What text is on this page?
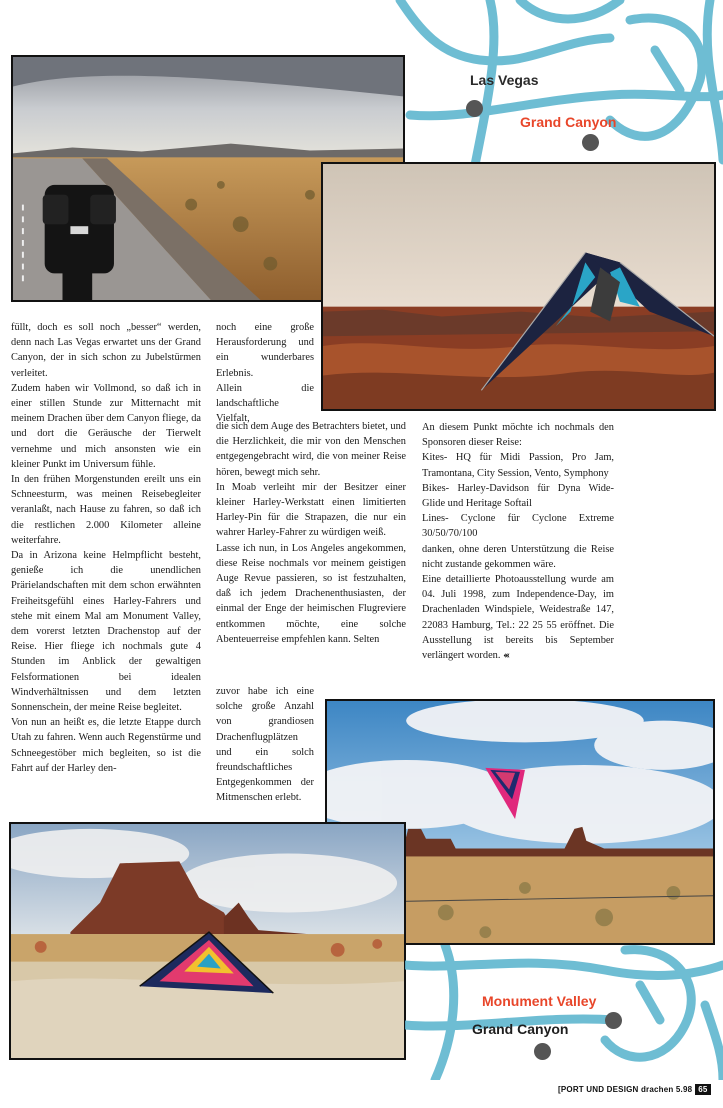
Las Vegas
Grand Canyon

füllt, doch es soll noch „besser“ werden, denn nach Las Vegas erwartet uns der Grand Canyon, der in sich schon zu Jubelstürmen verleitet.

Zudem haben wir Vollmond, so daß ich in einer stillen Stunde zur Mitternacht mit meinem Drachen über dem Canyon fliege, da und dort die Geräusche der Tierwelt vernehme und mich ansonsten wie ein kleiner Punkt im Universum fühle.

In den frühen Morgenstunden ereilt uns ein Schneesturm, was meinen Reisebegleiter veranlaßt, nach Hause zu fahren, so daß ich die restlichen 2.000 Kilometer alleine weiterfahre.

Da in Arizona keine Helmpflicht besteht, genieße ich die unendlichen Prärielandschaften mit dem schon erwähnten Freiheitsgefühl eines Harley-Fahrers und stehe mit einem Mal am Monument Valley, dem vorerst letzten Drachenstop auf der Reise. Hier fliege ich nochmals gute 4 Stunden im Anblick der gewaltigen Felsformationen bei idealen Windverhältnissen und dem letzten Sonnenschein, der meine Reise begleitet.

Von nun an heißt es, die letzte Etappe durch Utah zu fahren. Wenn auch Regenstürme und Schneegestöber mich begleiten, so ist die Fahrt auf der Harley den-

noch eine große Herausforderung und ein wunderbares Erlebnis.

Allein die landschaftliche Vielfalt,

die sich dem Auge des Betrachters bietet, und die Herzlichkeit, die mir von den Menschen entgegengebracht wird, die von meiner Reise hören, bewegt mich sehr.

In Moab verleiht mir der Besitzer einer kleiner Harley-Werkstatt einen limitierten Harley-Pin für die Strapazen, die nur ein wahrer Harley-Fahrer zu würdigen weiß.

Lasse ich nun, in Los Angeles angekommen, diese Reise nochmals vor meinem geistigen Auge Revue passieren, so ist festzuhalten, daß ich jedem Drachenenthusiasten, der einmal der Enge der heimischen Flugreviere entkommen möchte, eine solche Abenteuerreise empfehlen kann. Selten

zuvor habe ich eine solche große Anzahl von grandiosen Drachenflugplätzen und ein solch freundschaftliches Entgegenkommen der Mitmenschen erlebt.

An diesem Punkt möchte ich nochmals den Sponsoren dieser Reise:

Kites- HQ für Midi Passion, Pro Jam, Tramontana, City Session, Vento, Symphony

Bikes- Harley-Davidson für Dyna Wide-Glide und Heritage Softail

Lines- Cyclone für Cyclone Extreme 30/50/70/100

danken, ohne deren Unterstützung die Reise nicht zustande gekommen wäre.

Eine detaillierte Photoausstellung wurde am 04. Juli 1998, zum Independence-Day, im Drachenladen Windspiele, Weidestraße 147, 22083 Hamburg, Tel.: 22 25 55 eröffnet. Die Ausstellung ist bereits bis September verlängert worden. ‹‹‹

Monument Valley
Grand Canyon
[PORT UND DESIGN drachen 5.98 65
